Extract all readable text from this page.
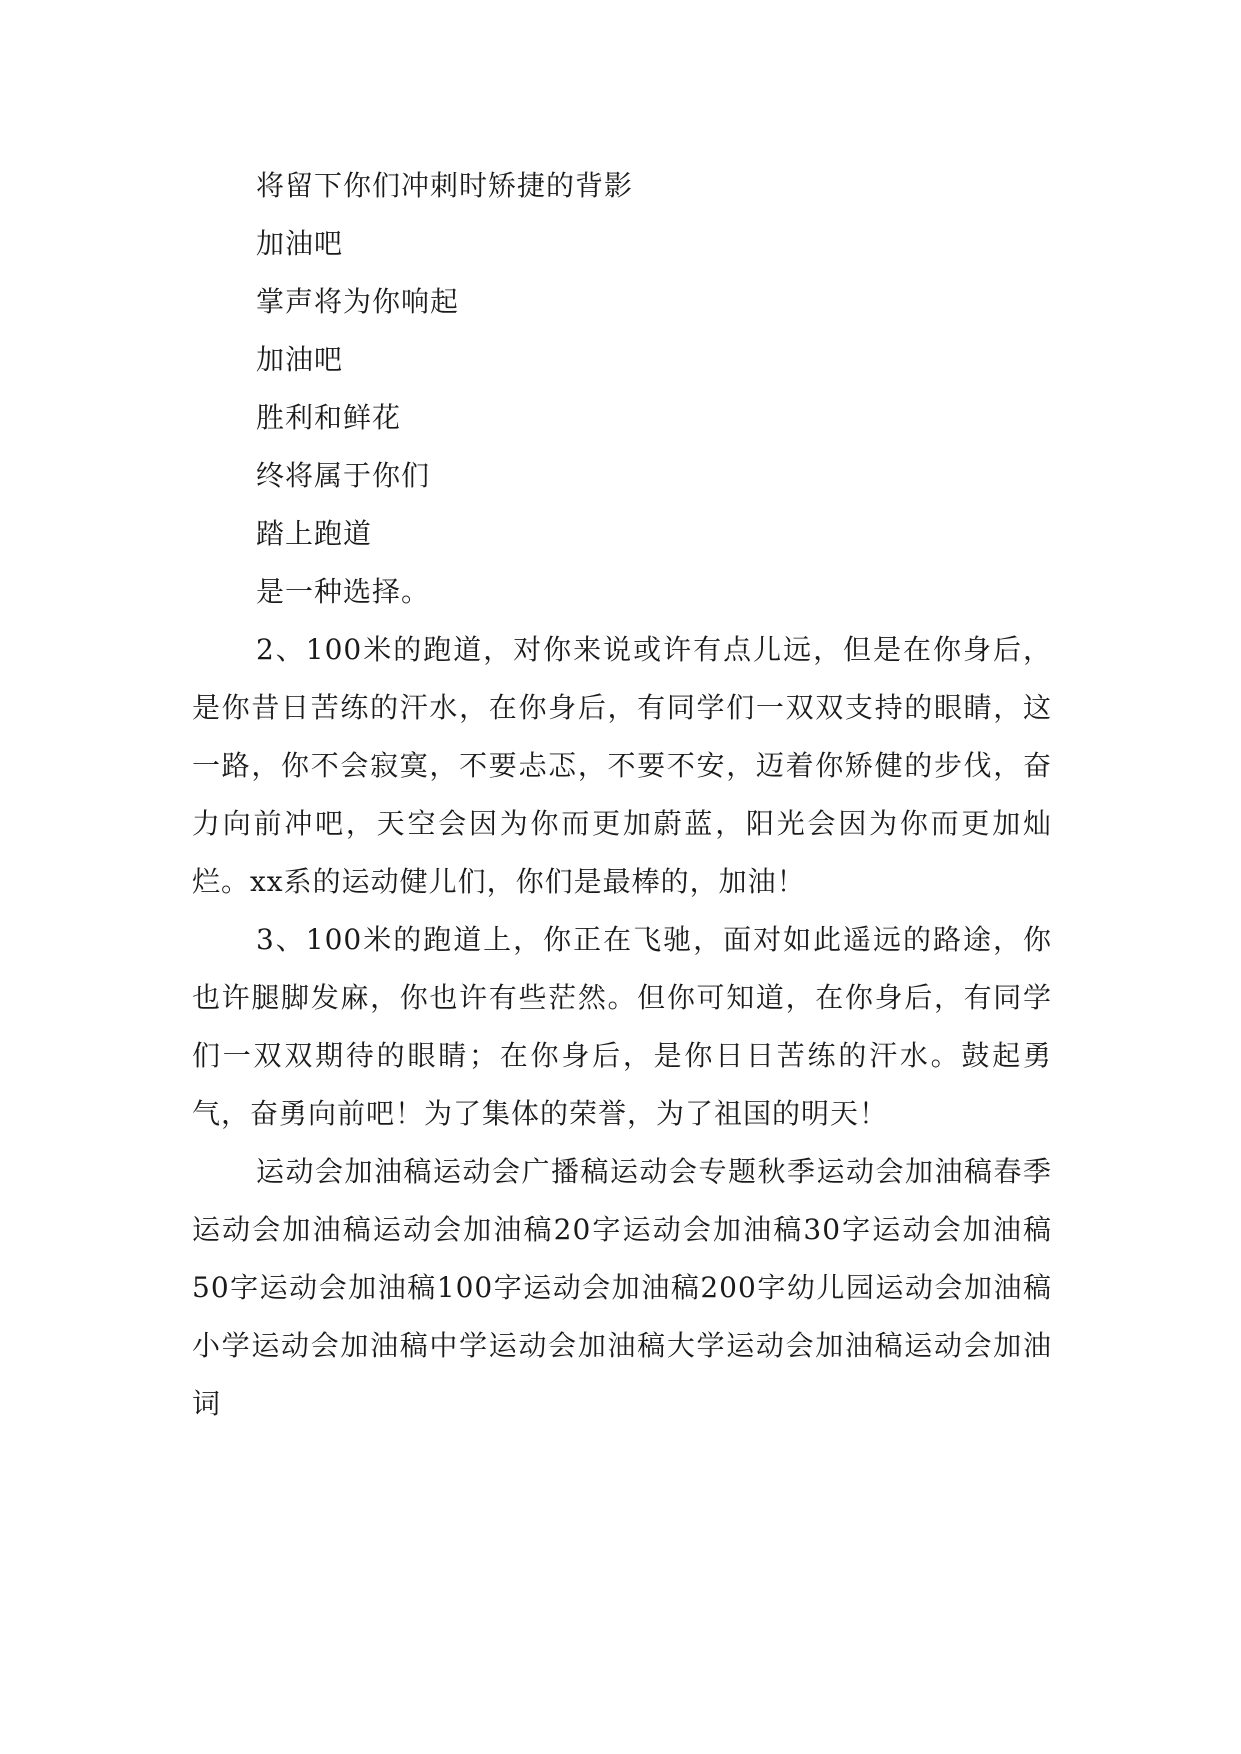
将留下你们冲刺时矫捷的背影

加油吧

掌声将为你响起

加油吧

胜利和鲜花

终将属于你们

踏上跑道

是一种选择。

2、100米的跑道，对你来说或许有点儿远，但是在你身后，是你昔日苦练的汗水，在你身后，有同学们一双双支持的眼睛，这一路，你不会寂寞，不要忐忑，不要不安，迈着你矫健的步伐，奋力向前冲吧，天空会因为你而更加蔚蓝，阳光会因为你而更加灿烂。xx系的运动健儿们，你们是最棒的，加油！

3、100米的跑道上，你正在飞驰，面对如此遥远的路途，你也许腿脚发麻，你也许有些茫然。但你可知道，在你身后，有同学们一双双期待的眼睛；在你身后，是你日日苦练的汗水。鼓起勇气，奋勇向前吧！为了集体的荣誉，为了祖国的明天！

运动会加油稿运动会广播稿运动会专题秋季运动会加油稿春季运动会加油稿运动会加油稿20字运动会加油稿30字运动会加油稿50字运动会加油稿100字运动会加油稿200字幼儿园运动会加油稿小学运动会加油稿中学运动会加油稿大学运动会加油稿运动会加油词
